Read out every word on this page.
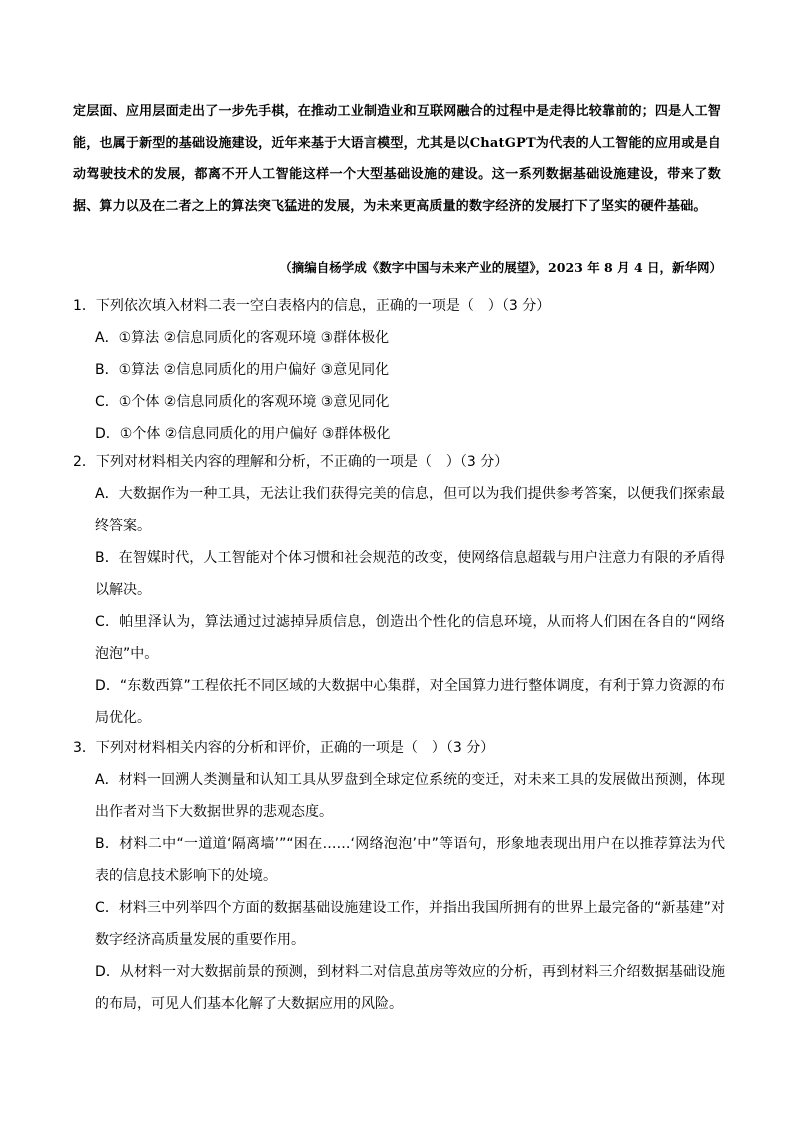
定层面、应用层面走出了一步先手棋，在推动工业制造业和互联网融合的过程中是走得比较靠前的；四是人工智能，也属于新型的基础设施建设，近年来基于大语言模型，尤其是以ChatGPT为代表的人工智能的应用或是自动驾驶技术的发展，都离不开人工智能这样一个大型基础设施的建设。这一系列数据基础设施建设，带来了数据、算力以及在二者之上的算法突飞猛进的发展，为未来更高质量的数字经济的发展打下了坚实的硬件基础。
（摘编自杨学成《数字中国与未来产业的展望》，2023 年 8 月 4 日，新华网）
1．下列依次填入材料二表一空白表格内的信息，正确的一项是（　）（3 分）
A．①算法 ②信息同质化的客观环境 ③群体极化
B．①算法 ②信息同质化的用户偏好 ③意见同化
C．①个体 ②信息同质化的客观环境 ③意见同化
D．①个体 ②信息同质化的用户偏好 ③群体极化
2．下列对材料相关内容的理解和分析，不正确的一项是（　）（3 分）
A．大数据作为一种工具，无法让我们获得完美的信息，但可以为我们提供参考答案，以便我们探索最终答案。
B．在智媒时代，人工智能对个体习惯和社会规范的改变，使网络信息超载与用户注意力有限的矛盾得以解决。
C．帕里泽认为，算法通过过滤掉异质信息，创造出个性化的信息环境，从而将人们困在各自的“网络泡泡”中。
D．“东数西算”工程依托不同区域的大数据中心集群，对全国算力进行整体调度，有利于算力资源的布局优化。
3．下列对材料相关内容的分析和评价，正确的一项是（　）（3 分）
A．材料一回溯人类测量和认知工具从罗盘到全球定位系统的变迁，对未来工具的发展做出预测，体现出作者对当下大数据世界的悲观态度。
B．材料二中“一道道‘隔离墙’”“困在……‘网络泡泡’中”等语句，形象地表现出用户在以推荐算法为代表的信息技术影响下的处境。
C．材料三中列举四个方面的数据基础设施建设工作，并指出我国所拥有的世界上最完备的“新基建”对数字经济高质量发展的重要作用。
D．从材料一对大数据前景的预测，到材料二对信息茧房等效应的分析，再到材料三介绍数据基础设施的布局，可见人们基本化解了大数据应用的风险。
